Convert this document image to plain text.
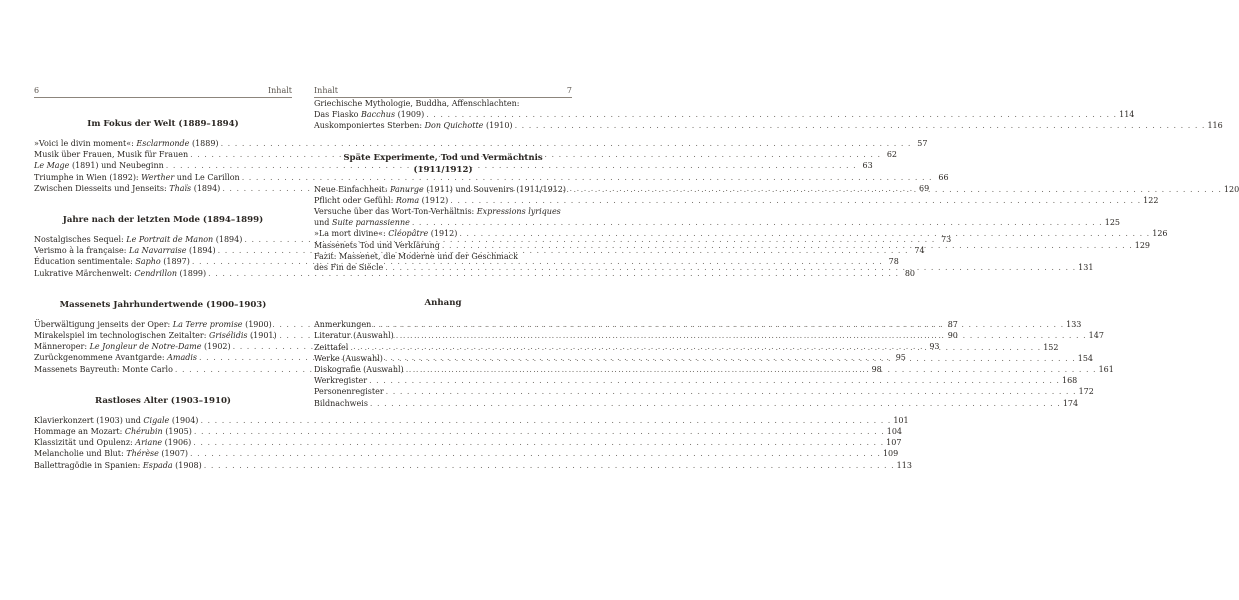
6	Inhalt
Im Fokus der Welt (1889–1894)
»Voici le divin moment«: Esclarmonde (1889) . . .	57
Musik über Frauen, Musik für Frauen . . .	62
Le Mage (1891) und Neubeginn . . .	63
Triumphe in Wien (1892): Werther und Le Carillon . . .	66
Zwischen Diesseits und Jenseits: Thaïs (1894) . . .	69
Jahre nach der letzten Mode (1894–1899)
Nostalgisches Sequel: Le Portrait de Manon (1894) . . .	73
Verismo à la française: La Navarraise (1894) . . .	74
Éducation sentimentale: Sapho (1897) . . .	78
Lukrative Märchenwelt: Cendrillon (1899) . . .	80
Massenets Jahrhundertwende (1900–1903)
Überwältigung jenseits der Oper: La Terre promise (1900) . . .	87
Mirakelspiel im technologischen Zeitalter: Grisélidis (1901) . . .	90
Männeroper: Le Jongleur de Notre-Dame (1902) . . .	93
Zurückgenommene Avantgarde: Amadis . . .	95
Massenets Bayreuth: Monte Carlo . . .	98
Rastloses Alter (1903–1910)
Klavierkonzert (1903) und Cigale (1904) . . .	101
Hommage an Mozart: Chérubin (1905) . . .	104
Klassizität und Opulenz: Ariane (1906) . . .	107
Melancholie und Blut: Thérèse (1907) . . .	109
Ballettragödie in Spanien: Espada (1908) . . .	113
Inhalt	7
Griechische Mythologie, Buddha, Affenschlachten:
Das Fiasko Bacchus (1909) . . .	114
Auskomponiertes Sterben: Don Quichotte (1910) . . .	116
Späte Experimente, Tod und Vermächtnis
(1911/1912)
Neue Einfachheit: Panurge (1911) und Souvenirs (1911/1912) . . .	120
Pflicht oder Gefühl: Roma (1912) . . .	122
Versuche über das Wort-Ton-Verhältnis: Expressions lyriques
und Suite parnassienne . . .	125
»La mort divine«: Cléopâtre (1912) . . .	126
Massenets Tod und Verklärung . . .	129
Fazit: Massenet, die Moderne und der Geschmack
des Fin de Siècle . . .	131
Anhang
Anmerkungen . . .	133
Literatur (Auswahl) . . .	147
Zeittafel . . .	152
Werke (Auswahl) . . .	154
Diskografie (Auswahl) . . .	161
Werkregister . . .	168
Personenregister . . .	172
Bildnachweis . . .	174
